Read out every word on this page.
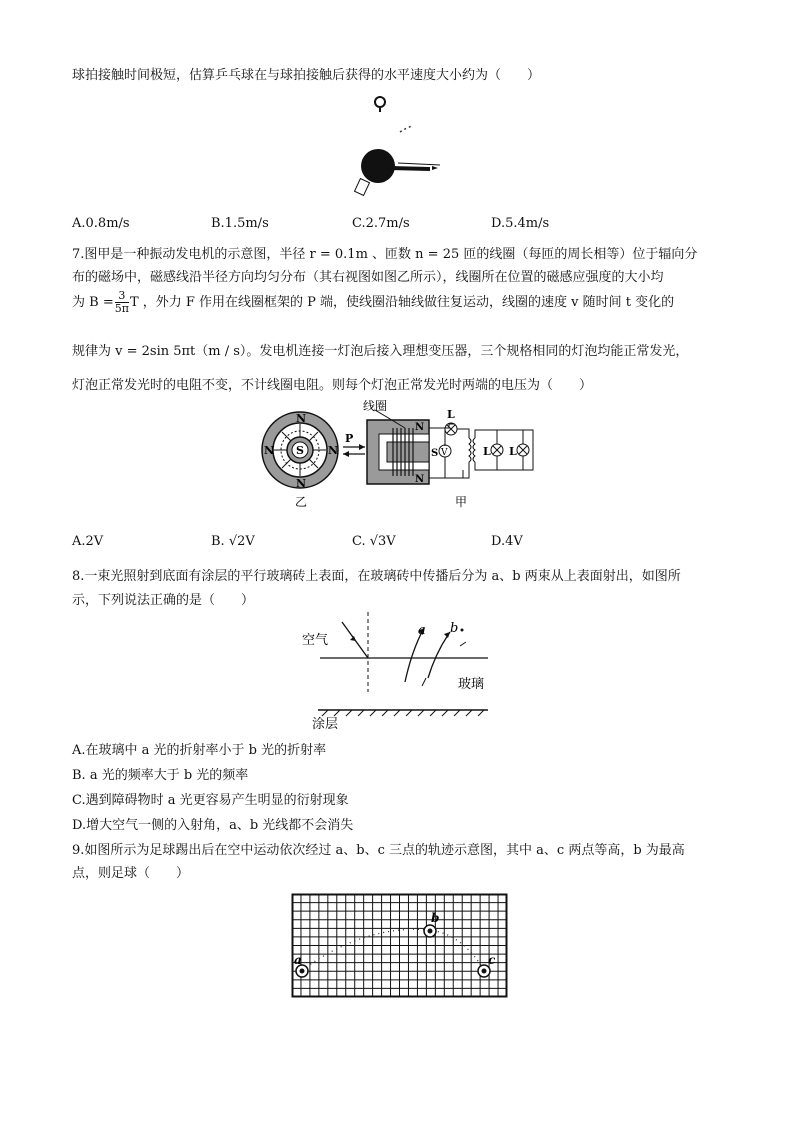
球拍接触时间极短，估算乒乓球在与球拍接触后获得的水平速度大小约为（　　）
A.0.8m/s	B.1.5m/s	C.2.7m/s	D.5.4m/s
7.图甲是一种振动发电机的示意图，半径 r = 0.1m 、匝数 n = 25 匝的线圈（每匝的周长相等）位于辐向分
布的磁场中，磁感线沿半径方向均匀分布（其右视图如图乙所示），线圈所在位置的磁感应强度的大小均
为 $B = \frac{3}{5\pi}$ T ，外力 F 作用在线圈框架的 P 端，使线圈沿轴线做往复运动，线圈的速度 v 随时间 t 变化的
规律为 v = 2sin 5πt（m / s）。发电机连接一灯泡后接入理想变压器，三个规格相同的灯泡均能正常发光，
灯泡正常发光时的电阻不变，不计线圈电阻。则每个灯泡正常发光时两端的电压为（　　）
N
N
N	N
S
乙
线圈
P
N
N
S
甲
V
L
L L
A.2V	B. √2V	C. √3V	D.4V
8.一束光照射到底面有涂层的平行玻璃砖上表面，在玻璃砖中传播后分为 a、b 两束从上表面射出，如图所
示，下列说法正确的是（　　）
空气
a b
玻璃
涂层
A.在玻璃中 a 光的折射率小于 b 光的折射率
B. a 光的频率大于 b 光的频率
C.遇到障碍物时 a 光更容易产生明显的衍射现象
D.增大空气一侧的入射角，a、b 光线都不会消失
9.如图所示为足球踢出后在空中运动依次经过 a、b、c 三点的轨迹示意图，其中 a、c 两点等高，b 为最高
点，则足球（　　）
a
b
c
